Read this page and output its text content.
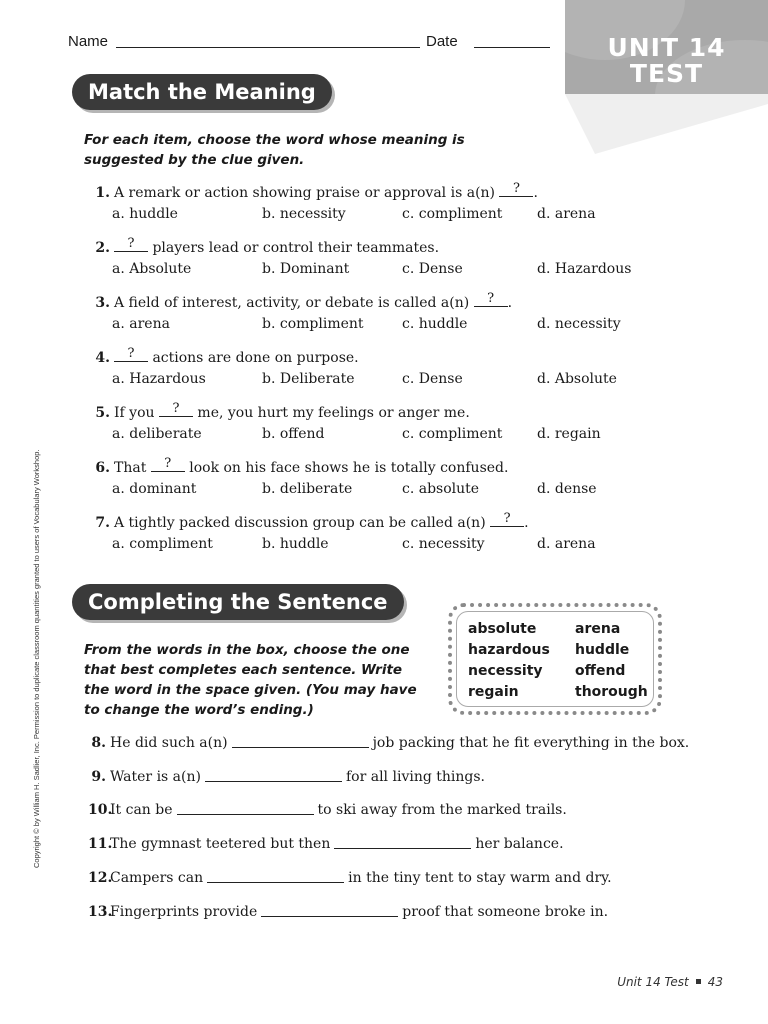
Name	Date	UNIT 14
TEST
Match the Meaning
For each item, choose the word whose meaning is suggested by the clue given.
1. A remark or action showing praise or approval is a(n) ? .
a. huddle	b. necessity	c. compliment d. arena
2. ? players lead or control their teammates.
a. Absolute	b. Dominant	c. Dense	d. Hazardous
3. A field of interest, activity, or debate is called a(n) ? .
a. arena	b. compliment	c. huddle	d. necessity
4. ? actions are done on purpose.
a. Hazardous	b. Deliberate	c. Dense	d. Absolute
5. If you ? me, you hurt my feelings or anger me.
a. deliberate	b. offend	c. compliment d. regain
6. That ? look on his face shows he is totally confused.
a. dominant	b. deliberate	c. absolute	d. dense
7. A tightly packed discussion group can be called a(n) ? .
a. compliment	b. huddle	c. necessity	d. arena
Completing the Sentence
From the words in the box, choose the one that best completes each sentence. Write the word in the space given. (You may have to change the word’s ending.)
absolute	arena
hazardous huddle
necessity offend
regain	thorough
8. He did such a(n)	job packing that he fit everything in the box.
9. Water is a(n)	for all living things.
10.It can be	to ski away from the marked trails.
11.The gymnast teetered but then	her balance.
12.Campers can	in the tiny tent to stay warm and dry.
13.Fingerprints provide	proof that someone broke in.
Copyright © by William H. Sadlier, Inc. Permission to duplicate classroom quantities granted to users of Vocabulary Workshop.
Unit 14 Test 43
